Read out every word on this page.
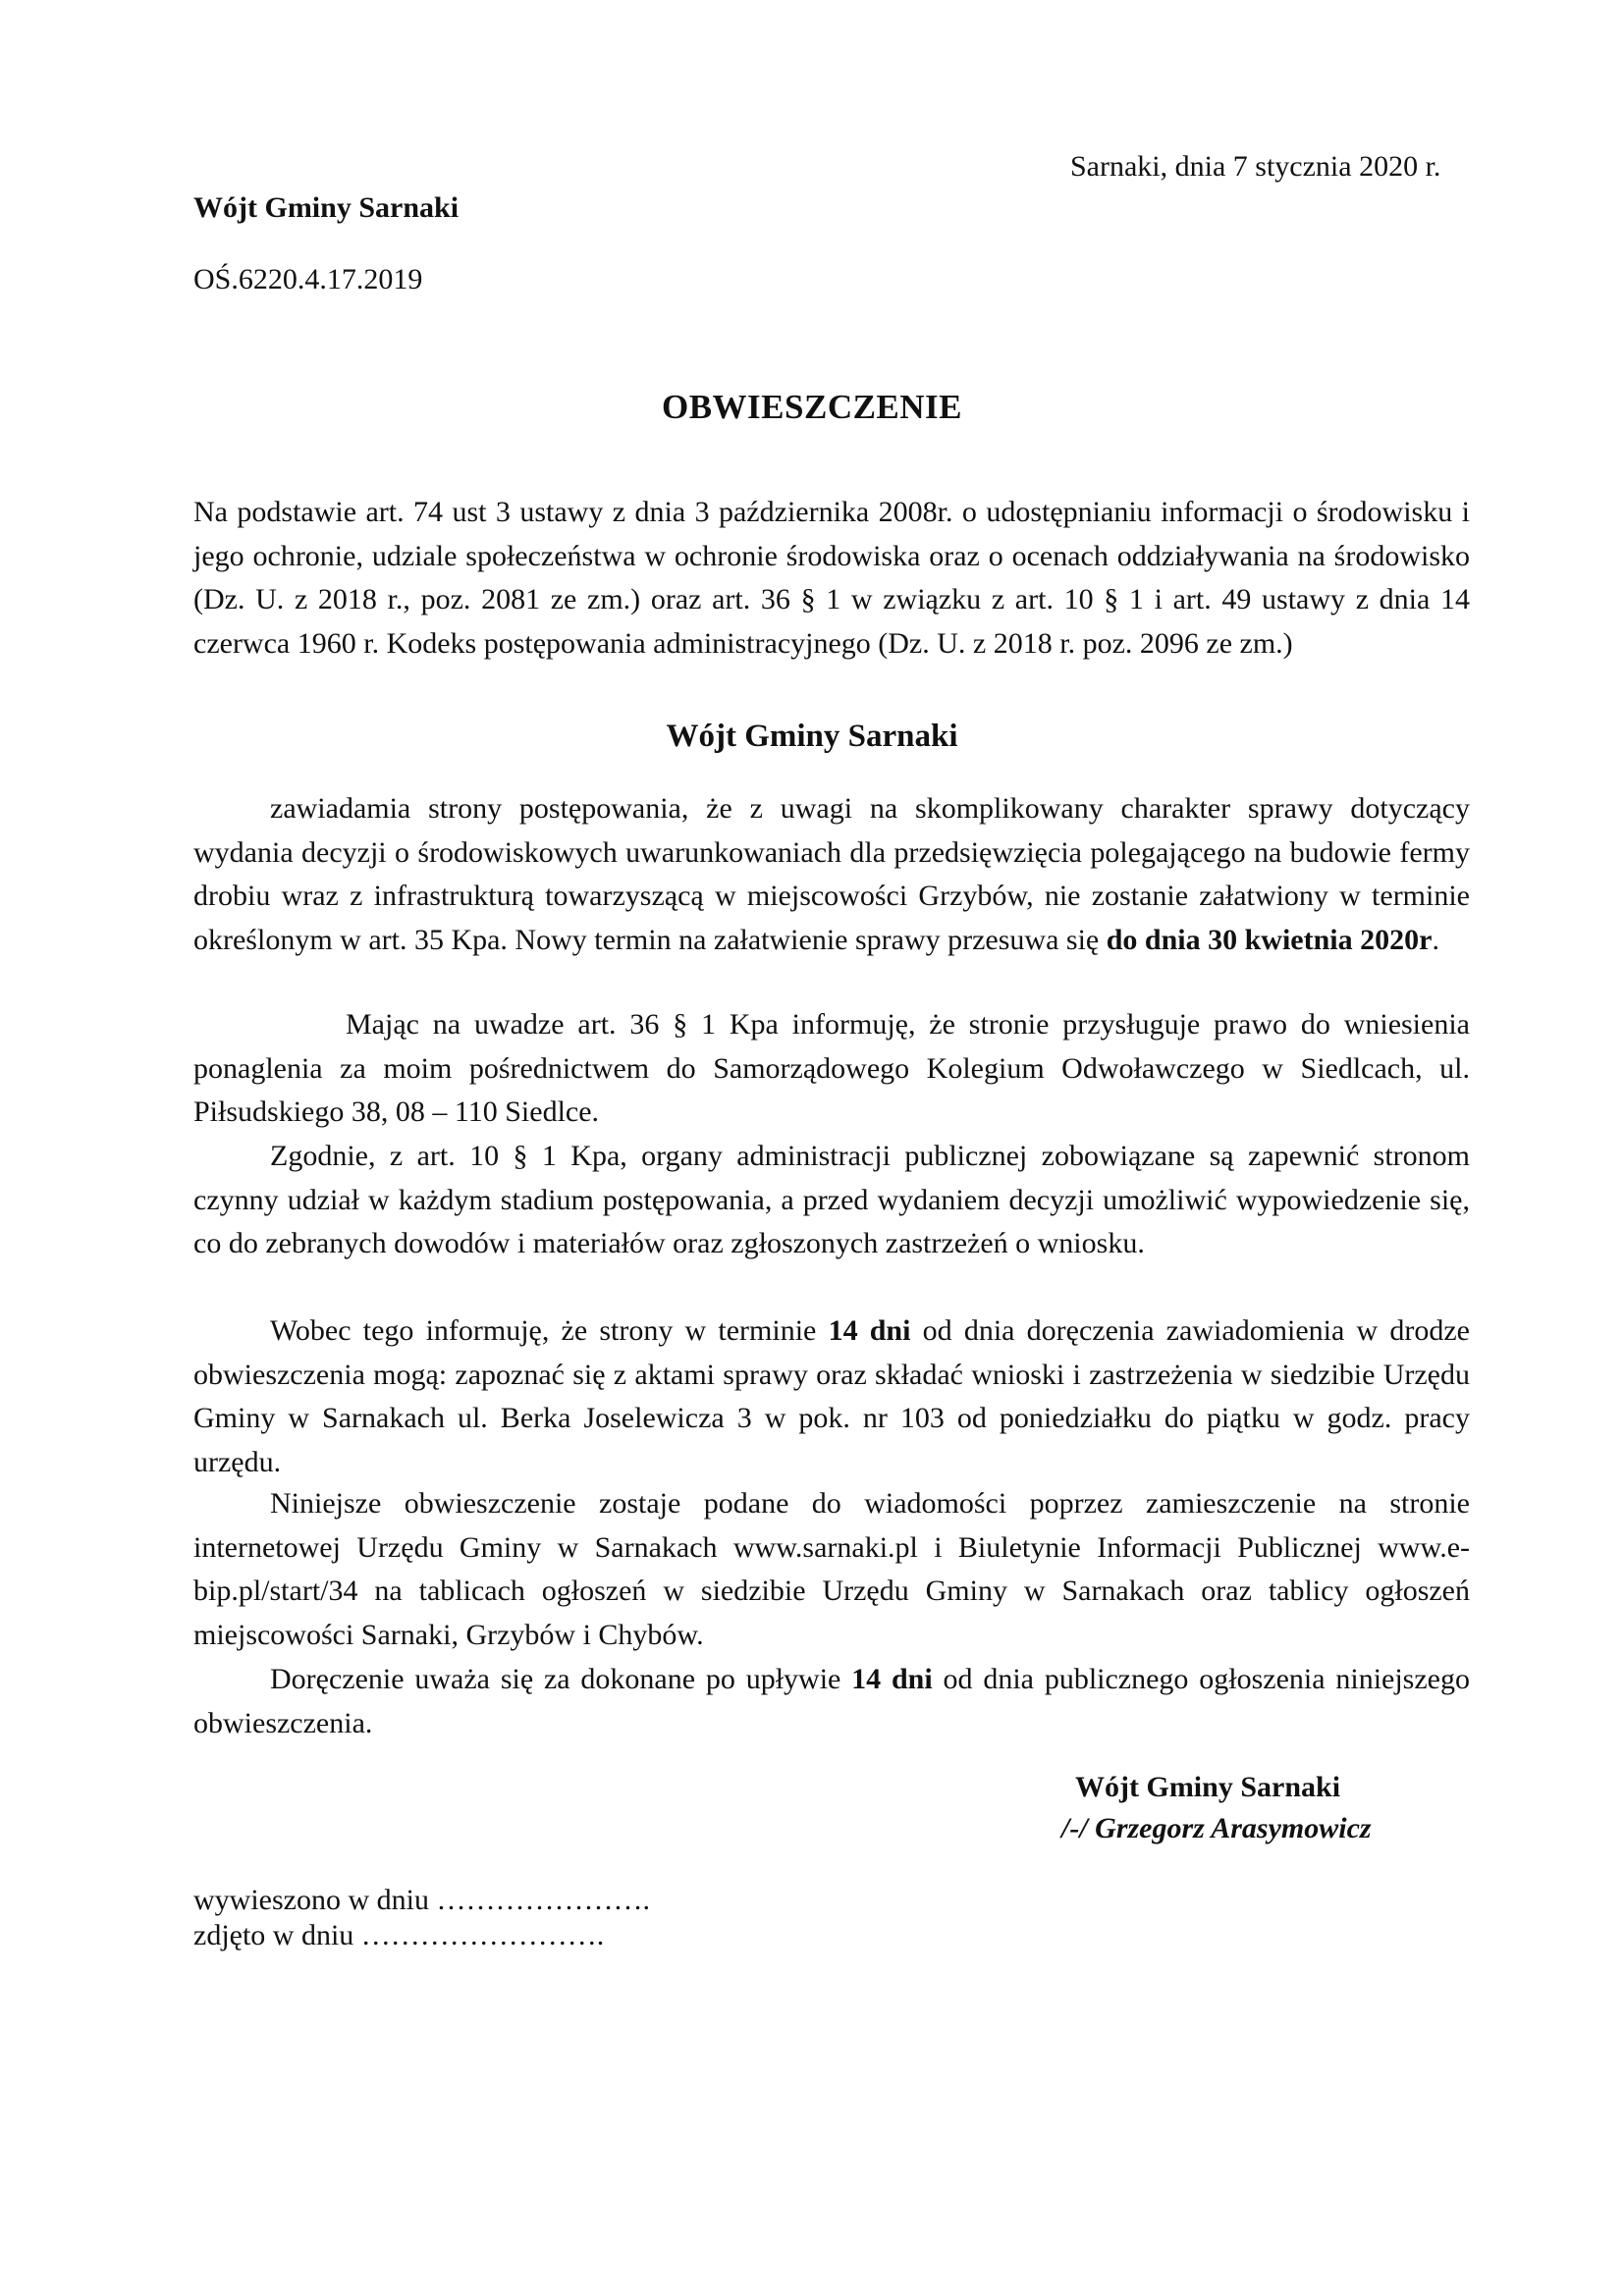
Sarnaki, dnia 7 stycznia 2020 r.

Wójt Gminy Sarnaki

OŚ.6220.4.17.2019

OBWIESZCZENIE

Na podstawie art. 74 ust 3 ustawy z dnia 3 października 2008r. o udostępnianiu informacji o środowisku i jego ochronie, udziale społeczeństwa w ochronie środowiska oraz o ocenach oddziaływania na środowisko (Dz. U. z 2018 r., poz. 2081 ze zm.) oraz art. 36 § 1 w związku z art. 10 § 1 i art. 49 ustawy z dnia 14 czerwca 1960 r. Kodeks postępowania administracyjnego (Dz. U. z 2018 r. poz. 2096 ze zm.)

Wójt Gminy Sarnaki

zawiadamia strony postępowania, że z uwagi na skomplikowany charakter sprawy dotyczący wydania decyzji o środowiskowych uwarunkowaniach dla przedsięwzięcia polegającego na budowie fermy drobiu wraz z infrastrukturą towarzyszącą w miejscowości Grzybów, nie zostanie załatwiony w terminie określonym w art. 35 Kpa. Nowy termin na załatwienie sprawy przesuwa się do dnia 30 kwietnia 2020r.

Mając na uwadze art. 36 § 1 Kpa informuję, że stronie przysługuje prawo do wniesienia ponaglenia za moim pośrednictwem do Samorządowego Kolegium Odwoławczego w Siedlcach, ul. Piłsudskiego 38, 08 – 110 Siedlce.

Zgodnie, z art. 10 § 1 Kpa, organy administracji publicznej zobowiązane są zapewnić stronom czynny udział w każdym stadium postępowania, a przed wydaniem decyzji umożliwić wypowiedzenie się, co do zebranych dowodów i materiałów oraz zgłoszonych zastrzeżeń o wniosku.

Wobec tego informuję, że strony w terminie 14 dni od dnia doręczenia zawiadomienia w drodze obwieszczenia mogą: zapoznać się z aktami sprawy oraz składać wnioski i zastrzeżenia w siedzibie Urzędu Gminy w Sarnakach ul. Berka Joselewicza 3 w pok. nr 103 od poniedziałku do piątku w godz. pracy urzędu.

Niniejsze obwieszczenie zostaje podane do wiadomości poprzez zamieszczenie na stronie internetowej Urzędu Gminy w Sarnakach www.sarnaki.pl i Biuletynie Informacji Publicznej www.e-bip.pl/start/34 na tablicach ogłoszeń w siedzibie Urzędu Gminy w Sarnakach oraz tablicy ogłoszeń miejscowości Sarnaki, Grzybów i Chybów.

Doręczenie uważa się za dokonane po upływie 14 dni od dnia publicznego ogłoszenia niniejszego obwieszczenia.

Wójt Gminy Sarnaki
/-/ Grzegorz Arasymowicz
wywieszono w dniu ………………….
zdjęto w dniu …………………….
